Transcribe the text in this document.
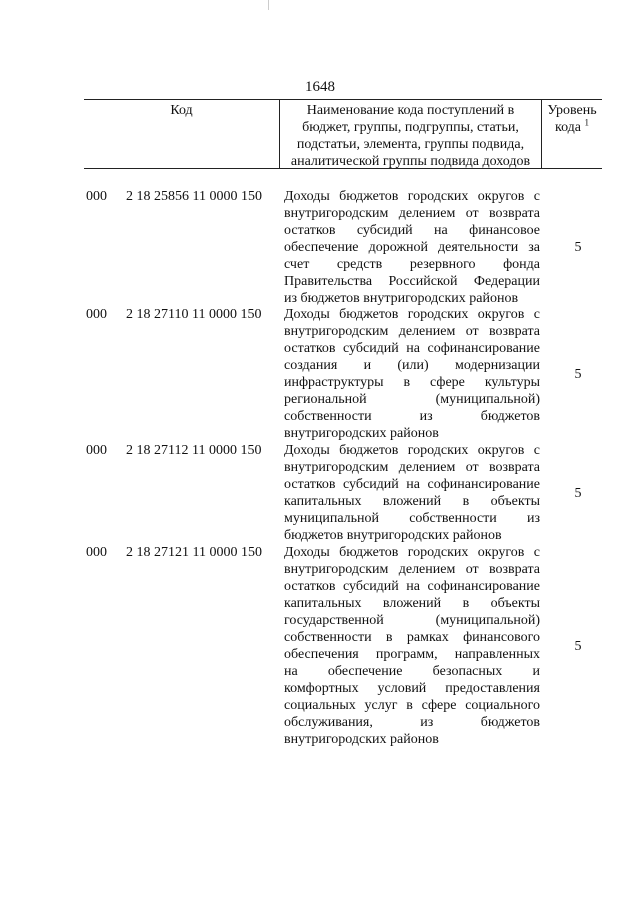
1648
Код	Наименование кода поступлений в
бюджет, группы, подгруппы, статьи,
подстатьи, элемента, группы подвида,
аналитической группы подвида доходов
Уровень
кода $^1$
000 2 18 25856 11 0000 150 Доходы бюджетов городских округов с
внутригородским делением от возврата
остатков субсидий на финансовое
обеспечение дорожной деятельности за
счет средств резервного фонда
Правительства Российской Федерации
из бюджетов внутригородских районов
5
000 2 18 27110 11 0000 150 Доходы бюджетов городских округов с
внутригородским делением от возврата
остатков субсидий на софинансирование
создания и (или) модернизации
инфраструктуры в сфере культуры
региональной (муниципальной)
собственности из бюджетов
внутригородских районов
5
000 2 18 27112 11 0000 150 Доходы бюджетов городских округов с
внутригородским делением от возврата
остатков субсидий на софинансирование
капитальных вложений в объекты
муниципальной собственности из
бюджетов внутригородских районов
5
000 2 18 27121 11 0000 150 Доходы бюджетов городских округов с
внутригородским делением от возврата
остатков субсидий на софинансирование
капитальных вложений в объекты
государственной (муниципальной)
собственности в рамках финансового
обеспечения программ, направленных
на обеспечение безопасных и
комфортных условий предоставления
социальных услуг в сфере социального
обслуживания, из бюджетов
внутригородских районов
5
